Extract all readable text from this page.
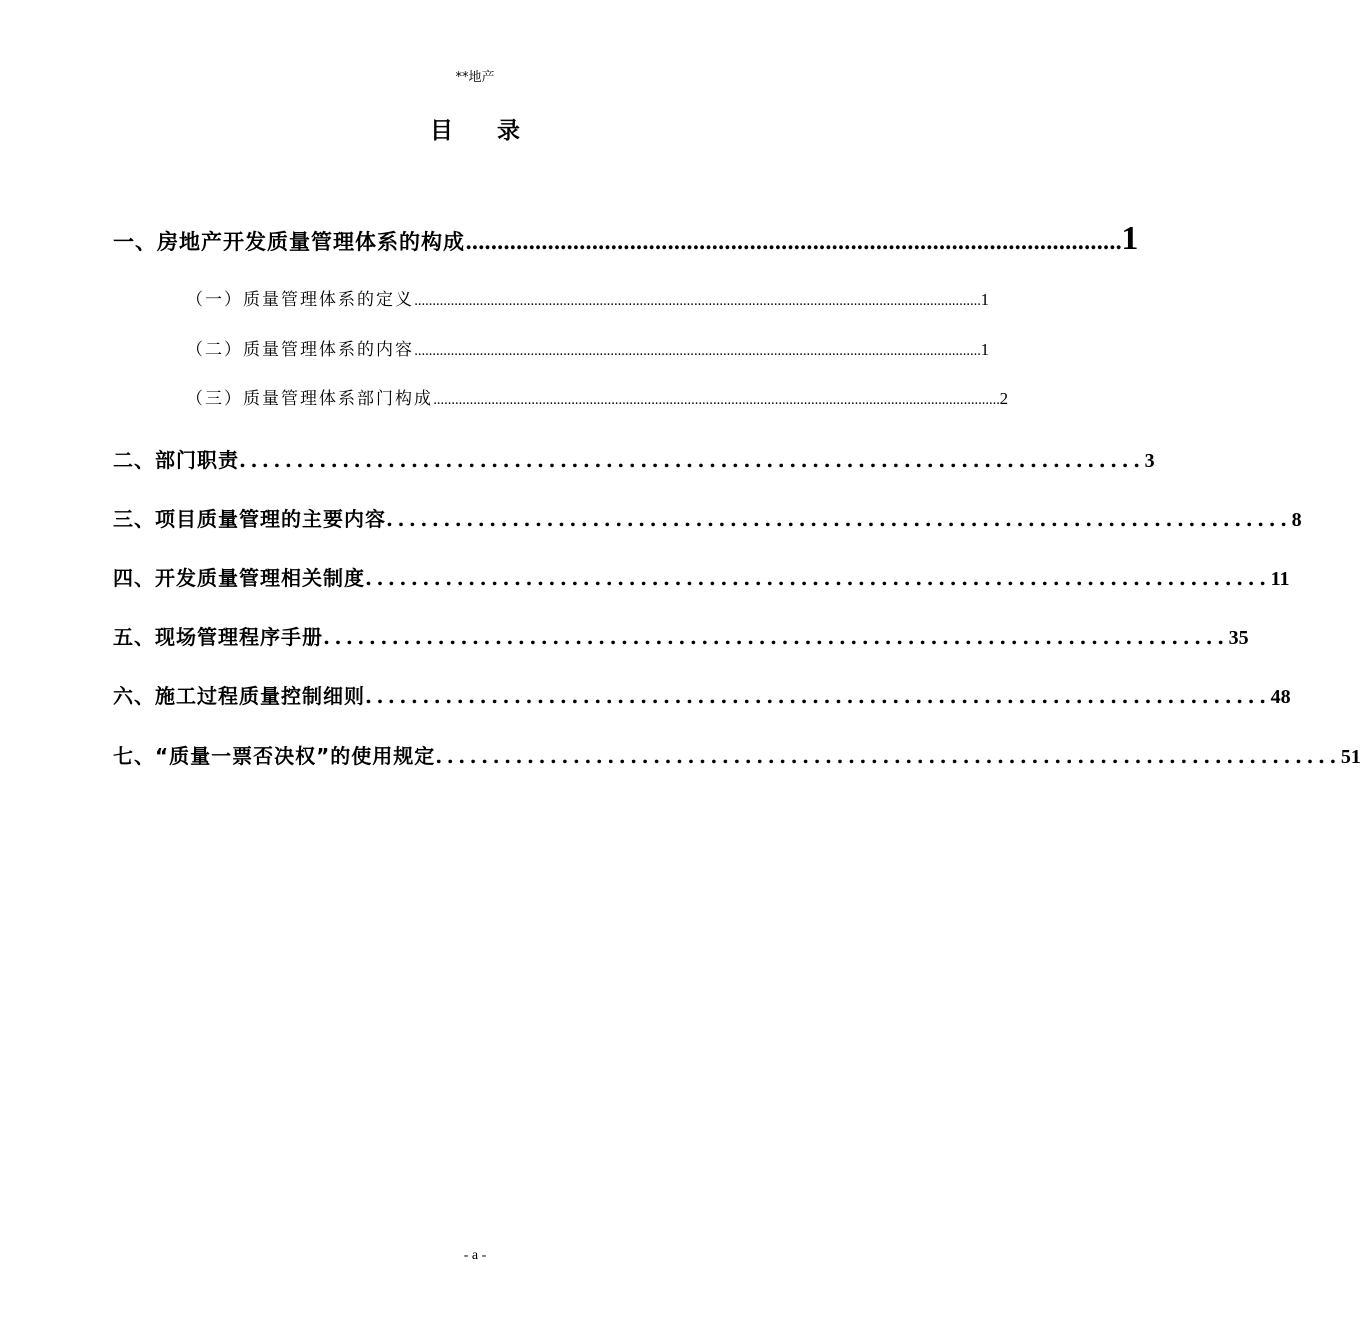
**地产
目 录
一、房地产开发质量管理体系的构成 ........................................................................................................ 1
（一）质量管理体系的定义 ............................................................................................................................................................ 1
（二）质量管理体系的内容 ............................................................................................................................................................ 1
（三）质量管理体系部门构成 ............................................................................................................................................................ 2
二、部门职责 ............................................................................... 3
三、项目质量管理的主要内容 ............................................................................... 8
四、开发质量管理相关制度 ............................................................................... 11
五、现场管理程序手册 ............................................................................... 35
六、施工过程质量控制细则 ............................................................................... 48
七、“质量一票否决权”的使用规定 ............................................................................... 51
- a -
